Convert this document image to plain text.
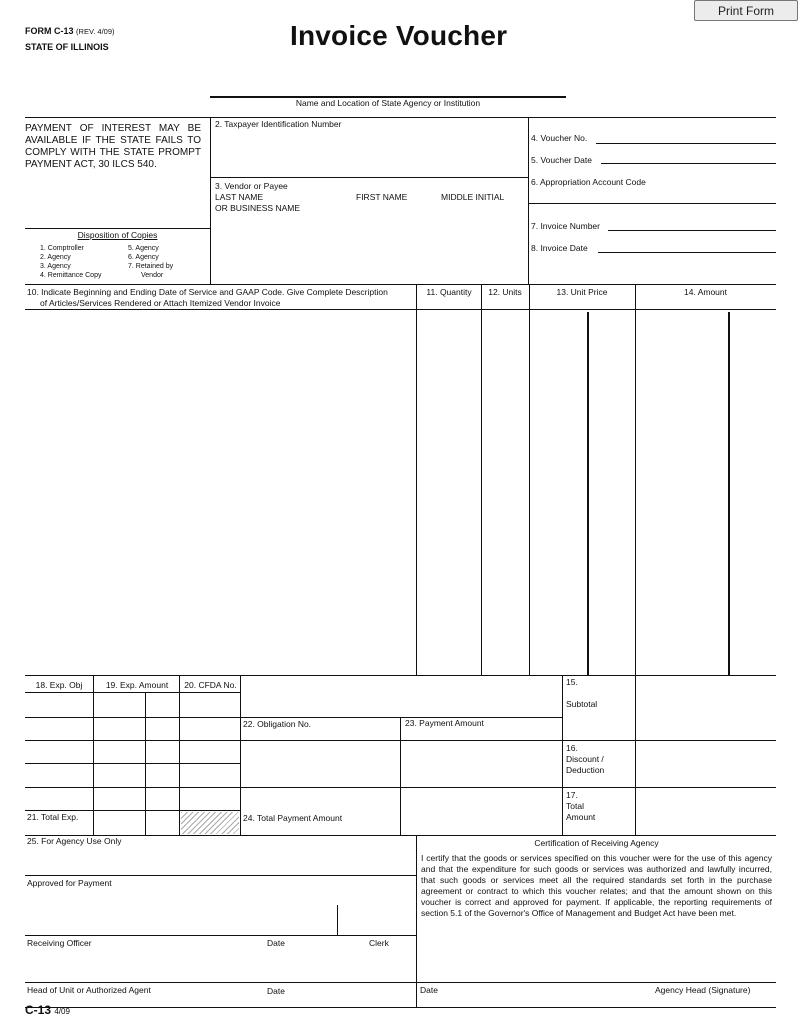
Print Form
FORM C-13 (REV. 4/09)
STATE OF ILLINOIS	Invoice Voucher
Name and Location of State Agency or Institution
PAYMENT OF INTEREST MAY BE AVAILABLE IF THE STATE FAILS TO COMPLY WITH THE STATE PROMPT PAYMENT ACT, 30 ILCS 540.
Disposition of Copies
1. Comptroller
2. Agency
3. Agency
4. Remittance Copy
5. Agency
6. Agency
7. Retained by
Vendor
2. Taxpayer Identification Number
3. Vendor or Payee
LAST NAME	FIRST NAME	MIDDLE INITIAL
OR BUSINESS NAME
4. Voucher No.
5. Voucher Date
6. Appropriation Account Code
7. Invoice Number
8. Invoice Date
10. Indicate Beginning and Ending Date of Service and GAAP Code. Give Complete Description
of Articles/Services Rendered or Attach Itemized Vendor Invoice
11. Quantity	12. Units	13. Unit Price	14. Amount
18. Exp. Obj	19. Exp. Amount	20. CFDA No.
22. Obligation No.	23. Payment Amount
21. Total Exp.	24. Total Payment Amount
15.
Subtotal
16.
Discount /
Deduction
17.
Total
Amount
25. For Agency Use Only
Approved for Payment
Receiving Officer	Date	Clerk
Head of Unit or Authorized Agent	Date
Certification of Receiving Agency
I certify that the goods or services specified on this voucher were for the use of this agency and that the expenditure for such goods or services was authorized and lawfully incurred, that such goods or services meet all the required standards set forth in the purchase agreement or contract to which this voucher relates; and that the amount shown on this voucher is correct and approved for payment. If applicable, the reporting requirements of section 5.1 of the Governor's Office of Management and Budget Act have been met.
Date	Agency Head (Signature)
C-13 4/09
